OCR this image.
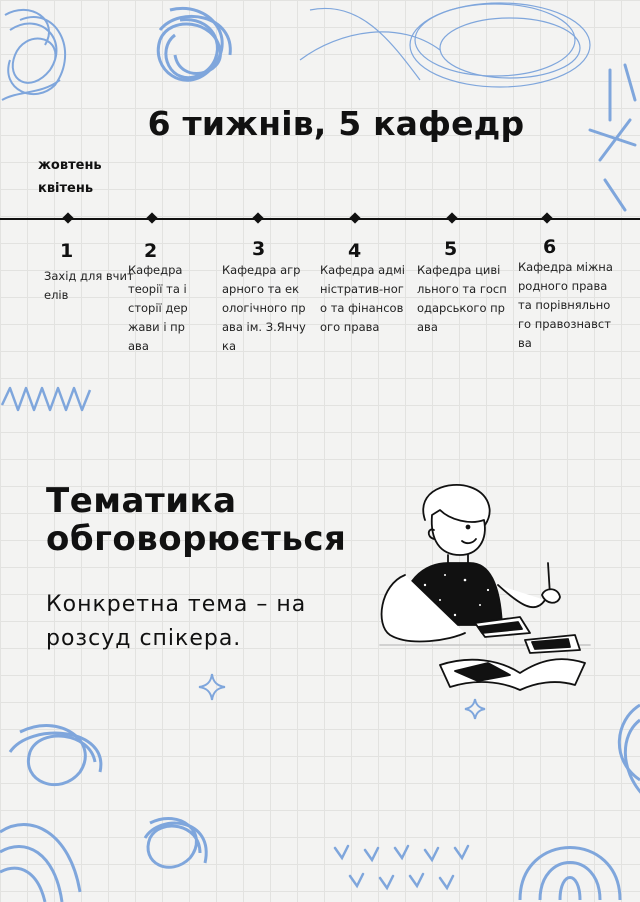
6 тижнів, 5 кафедр
жовтень
квітень
1
Захід для вчителів
2
Кафедра теорії та історії держави і права
3
Кафедра аграрного та екологічного права ім. З.Янчука
4
Кафедра адміністратив-ного та фінансового права
5
Кафедра цивільного та господарського права
6
Кафедра міжнародного права та порівняльного правознавства
Тематика обговорюється
Конкретна тема – на розсуд спікера.
